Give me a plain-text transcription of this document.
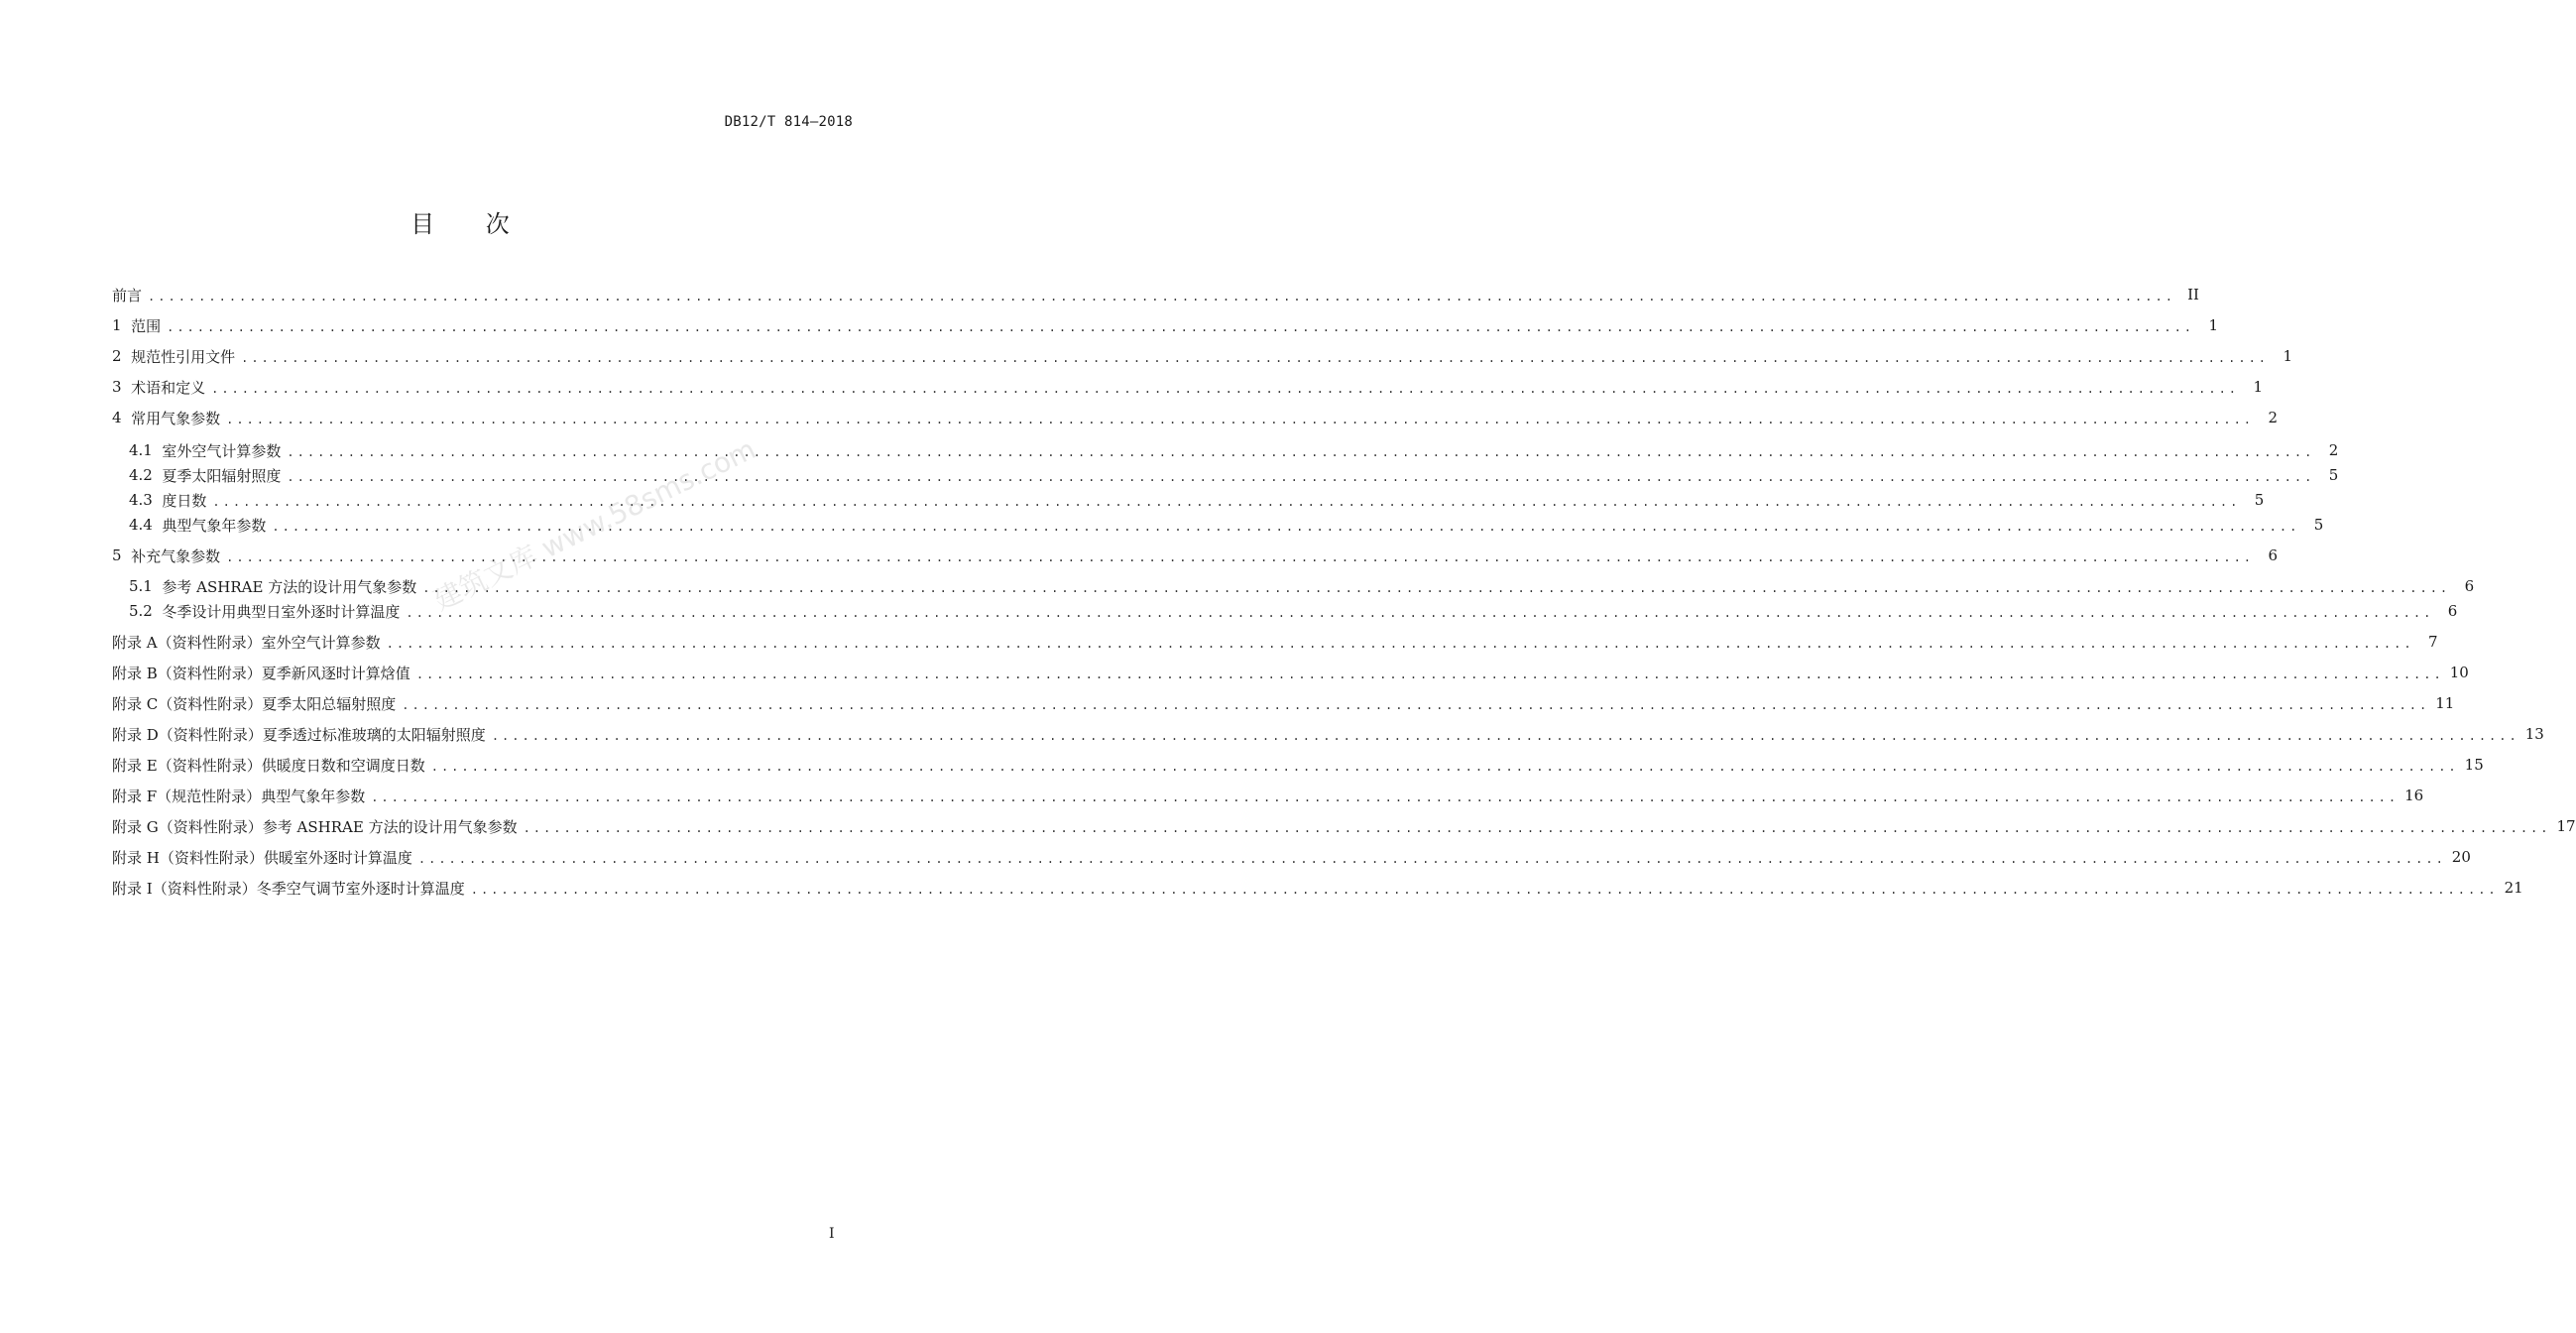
DB12/T 814—2018
目 次
前言 ........................................................................................................................................................................................................ II
1 范围 ........................................................................................................................................................................................................ 1
2 规范性引用文件 ........................................................................................................................................................................................................ 1
3 术语和定义 ........................................................................................................................................................................................................ 1
4 常用气象参数 ........................................................................................................................................................................................................ 2
4.1 室外空气计算参数 ........................................................................................................................................................................................................ 2
4.2 夏季太阳辐射照度 ........................................................................................................................................................................................................ 5
4.3 度日数 ........................................................................................................................................................................................................ 5
4.4 典型气象年参数 ........................................................................................................................................................................................................ 5
5 补充气象参数 ........................................................................................................................................................................................................ 6
5.1 参考 ASHRAE 方法的设计用气象参数 ........................................................................................................................................................................................................ 6
5.2 冬季设计用典型日室外逐时计算温度 ........................................................................................................................................................................................................ 6
附录 A（资料性附录） 室外空气计算参数 ........................................................................................................................................................................................................ 7
附录 B（资料性附录） 夏季新风逐时计算焓值 ........................................................................................................................................................................................................ 10
附录 C（资料性附录） 夏季太阳总辐射照度 ........................................................................................................................................................................................................ 11
附录 D（资料性附录） 夏季透过标准玻璃的太阳辐射照度 ........................................................................................................................................................................................................ 13
附录 E（资料性附录） 供暖度日数和空调度日数 ........................................................................................................................................................................................................ 15
附录 F（规范性附录） 典型气象年参数 ........................................................................................................................................................................................................ 16
附录 G（资料性附录） 参考 ASHRAE 方法的设计用气象参数 ........................................................................................................................................................................................................ 17
附录 H（资料性附录） 供暖室外逐时计算温度 ........................................................................................................................................................................................................ 20
附录 I（资料性附录） 冬季空气调节室外逐时计算温度 ........................................................................................................................................................................................................ 21
建筑文库 www.58sms.com
I
